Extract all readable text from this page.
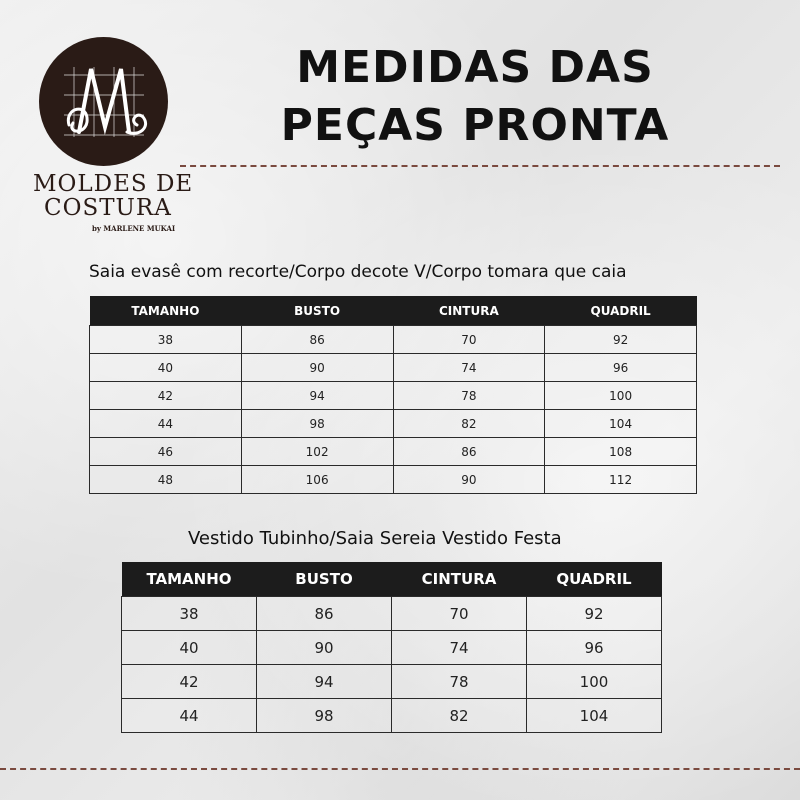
MOLDES DE
COSTURA
by MARLENE MUKAI
MEDIDAS DAS
PEÇAS PRONTA
Saia evasê com recorte/Corpo decote V/Corpo tomara que caia
TAMANHO	BUSTO	CINTURA	QUADRIL
38	86	70	92
40	90	74	96
42	94	78	100
44	98	82	104
46	102	86	108
48	106	90	112
Vestido Tubinho/Saia Sereia Vestido Festa
TAMANHO	BUSTO	CINTURA	QUADRIL
38	86	70	92
40	90	74	96
42	94	78	100
44	98	82	104
